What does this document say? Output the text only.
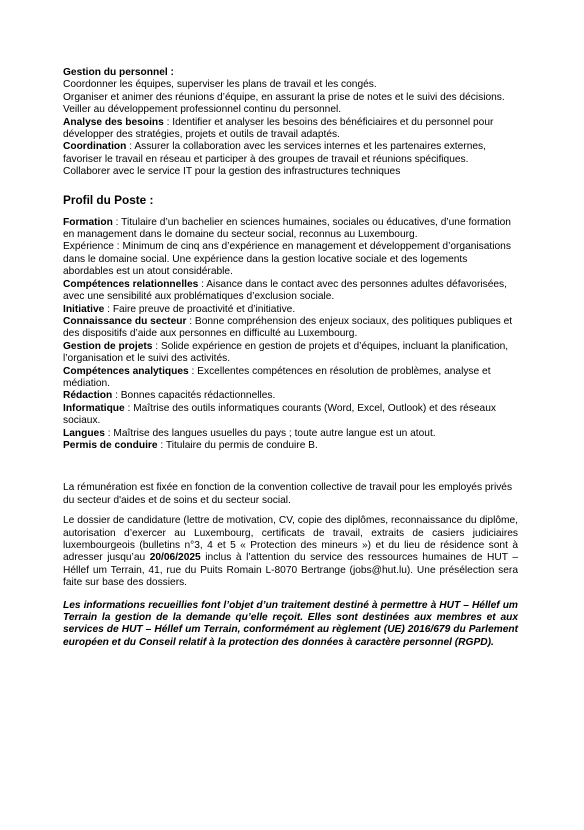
Gestion du personnel :

Coordonner les équipes, superviser les plans de travail et les congés.

Organiser et animer des réunions d’équipe, en assurant la prise de notes et le suivi des décisions.

Veiller au développement professionnel continu du personnel.

Analyse des besoins : Identifier et analyser les besoins des bénéficiaires et du personnel pour développer des stratégies, projets et outils de travail adaptés.

Coordination : Assurer la collaboration avec les services internes et les partenaires externes, favoriser le travail en réseau et participer à des groupes de travail et réunions spécifiques. Collaborer avec le service IT pour la gestion des infrastructures techniques

Profil du Poste :

Formation : Titulaire d’un bachelier en sciences humaines, sociales ou éducatives, d’une formation en management dans le domaine du secteur social, reconnus au Luxembourg.

Expérience : Minimum de cinq ans d’expérience en management et développement d’organisations dans le domaine social. Une expérience dans la gestion locative sociale et des logements abordables est un atout considérable.

Compétences relationnelles : Aisance dans le contact avec des personnes adultes défavorisées, avec une sensibilité aux problématiques d’exclusion sociale.

Initiative : Faire preuve de proactivité et d’initiative.

Connaissance du secteur : Bonne compréhension des enjeux sociaux, des politiques publiques et des dispositifs d’aide aux personnes en difficulté au Luxembourg.

Gestion de projets : Solide expérience en gestion de projets et d’équipes, incluant la planification, l’organisation et le suivi des activités.

Compétences analytiques : Excellentes compétences en résolution de problèmes, analyse et médiation.

Rédaction : Bonnes capacités rédactionnelles.

Informatique : Maîtrise des outils informatiques courants (Word, Excel, Outlook) et des réseaux sociaux.

Langues : Maîtrise des langues usuelles du pays ; toute autre langue est un atout.

Permis de conduire : Titulaire du permis de conduire B.

La rémunération est fixée en fonction de la convention collective de travail pour les employés privés du secteur d'aides et de soins et du secteur social.

Le dossier de candidature (lettre de motivation, CV, copie des diplômes, reconnaissance du diplôme, autorisation d’exercer au Luxembourg, certificats de travail, extraits de casiers judiciaires luxembourgeois (bulletins n°3, 4 et 5 « Protection des mineurs ») et du lieu de résidence sont à adresser jusqu’au 20/06/2025 inclus à l’attention du service des ressources humaines de HUT – Héllef um Terrain, 41, rue du Puits Romain L-8070 Bertrange (jobs@hut.lu). Une présélection sera faite sur base des dossiers.

Les informations recueillies font l’objet d’un traitement destiné à permettre à HUT – Héllef um Terrain la gestion de la demande qu’elle reçoit. Elles sont destinées aux membres et aux services de HUT – Héllef um Terrain, conformément au règlement (UE) 2016/679 du Parlement européen et du Conseil relatif à la protection des données à caractère personnel (RGPD).
